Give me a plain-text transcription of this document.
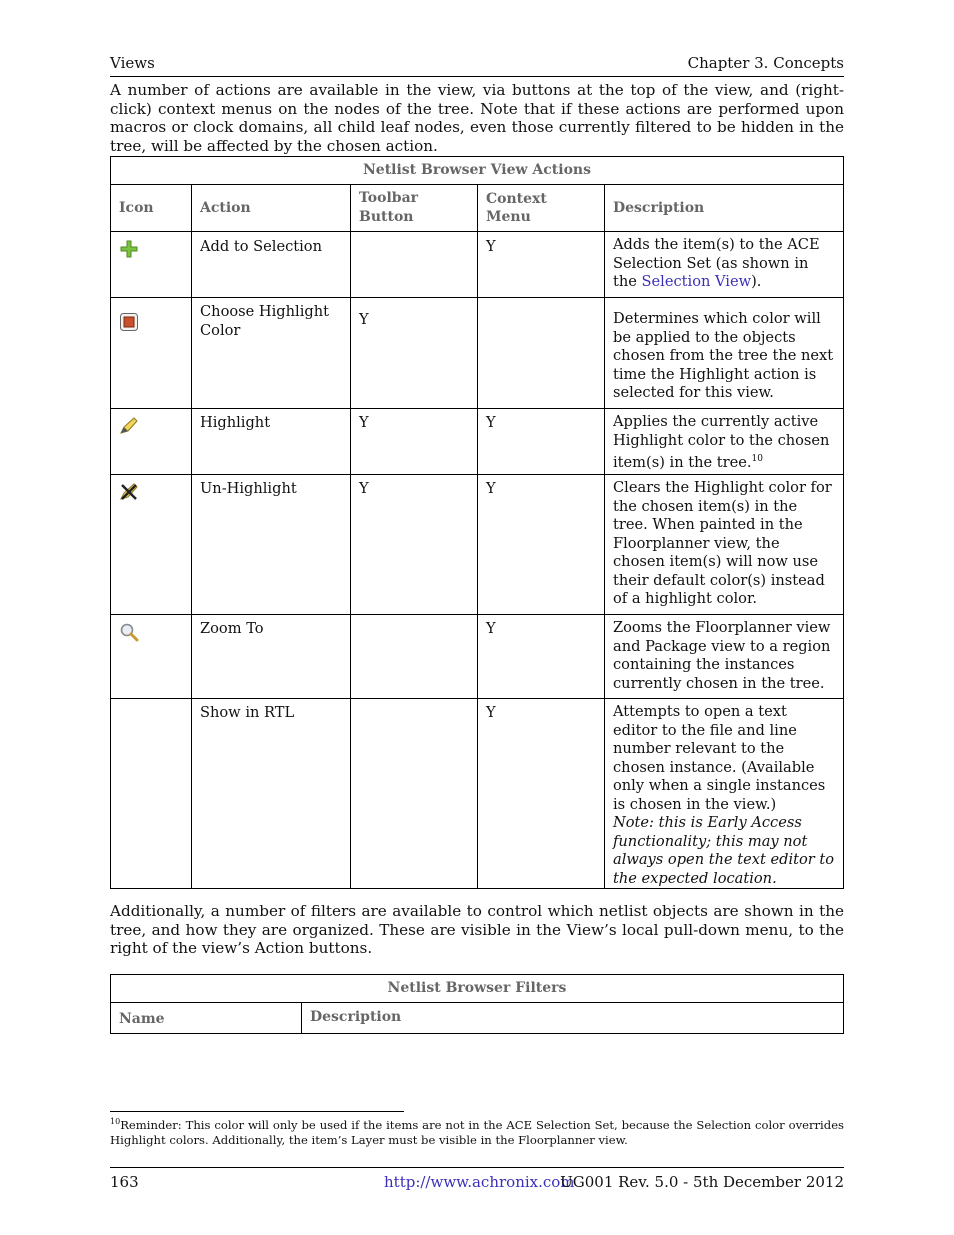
Views	Chapter 3. Concepts

A number of actions are available in the view, via buttons at the top of the view, and (right-click) context menus on the nodes of the tree. Note that if these actions are performed upon macros or clock domains, all child leaf nodes, even those currently filtered to be hidden in the tree, will be affected by the chosen action.

Netlist Browser View Actions				
Icon	Action	Toolbar Button	Context Menu	Description
	Add to Selection		Y	Adds the item(s) to the ACE Selection Set (as shown in the Selection View).
	Choose Highlight Color	Y		Determines which color will be applied to the objects chosen from the tree the next time the Highlight action is selected for this view.
	Highlight	Y	Y	Applies the currently active Highlight color to the chosen item(s) in the tree.$^{10}$
	Un-Highlight	Y	Y	Clears the Highlight color for the chosen item(s) in the tree. When painted in the Floorplanner view, the chosen item(s) will now use their default color(s) instead of a highlight color.
	Zoom To		Y	Zooms the Floorplanner view and Package view to a region containing the instances currently chosen in the tree.
	Show in RTL		Y	Attempts to open a text editor to the file and line number relevant to the chosen instance. (Available only when a single instances is chosen in the view.)
Note: this is Early Access functionality; this may not always open the text editor to the expected location.

Additionally, a number of filters are available to control which netlist objects are shown in the tree, and how they are organized. These are visible in the View’s local pull-down menu, to the right of the view’s Action buttons.

Netlist Browser Filters
Name	Description
$^{10}$Reminder: This color will only be used if the items are not in the ACE Selection Set, because the Selection color overrides Highlight colors. Additionally, the item’s Layer must be visible in the Floorplanner view.
163	http://www.achronix.com
UG001 Rev. 5.0 - 5th December 2012
